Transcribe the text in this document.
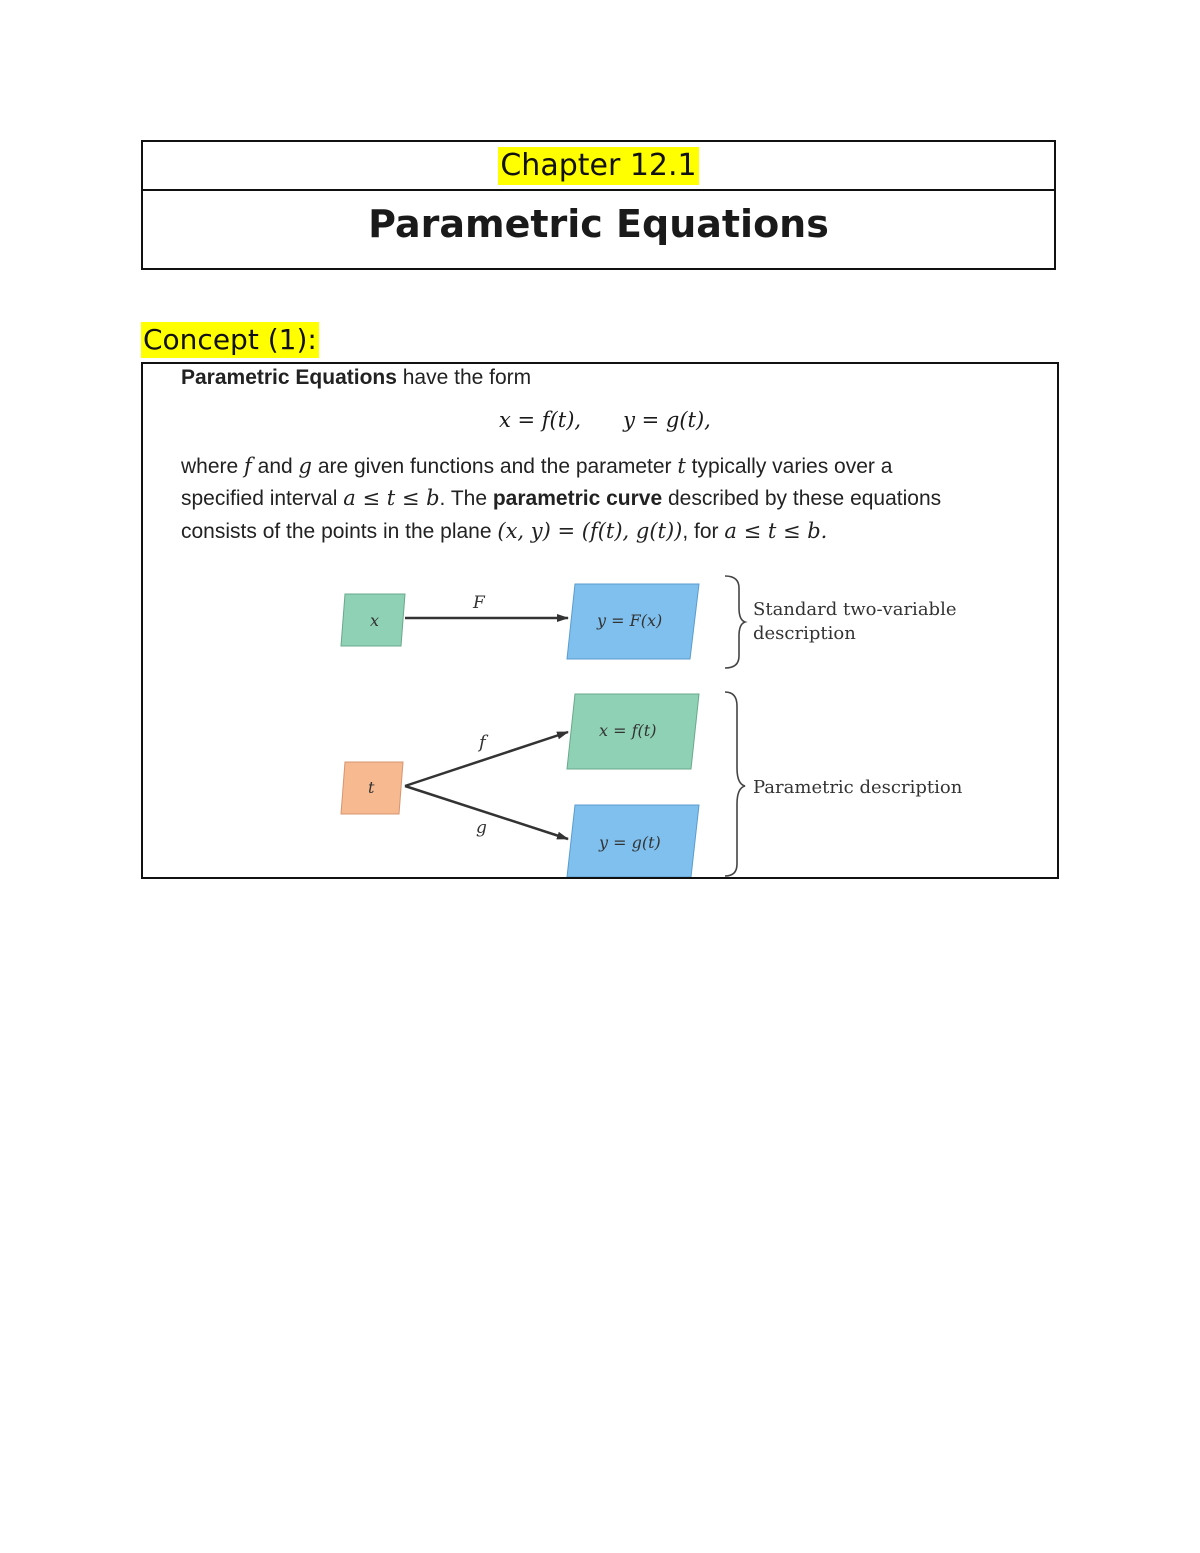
Chapter 12.1
Parametric Equations
Concept (1):
Parametric Equations have the form
x = f(t), y = g(t),
where f and g are given functions and the parameter t typically varies over a
specified interval a ≤ t ≤ b. The parametric curve described by these equations
consists of the points in the plane (x, y) = (f(t), g(t)), for a ≤ t ≤ b.
x
F
y = F(x)
Standard two-variable
description
t
f
g
x = f(t)
y = g(t)
Parametric description
